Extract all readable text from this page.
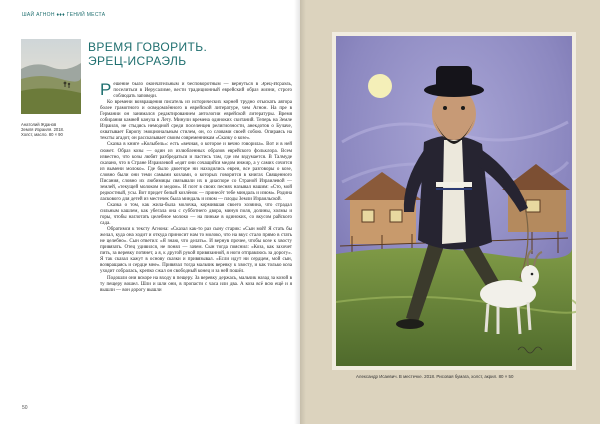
ШАЙ АГНОН ♦♦♦ ГЕНИЙ МЕСТА
Анатолий Жданов
Земля Израиля. 2018.
Холст, масло. 80 × 90
ВРЕМЯ ГОВОРИТЬ.
ЭРЕЦ-ИСРАЭЛЬ

Решение было окончательным и бесповоротным — вернуться в Эрец-Исраэль, поселиться в Иерусалиме, вести традиционный еврейский образ жизни, строго соблюдать заповеди.

Ко времени возвращения писатель из исторических корней трудно отыскать автора более грамотного и осведомлённого в еврейской литературе, чем Агнон. На пре в Германии он занимался редактированием антологии еврейской литературы. Время собирания камней канула в Лету. Минули времена одиноких скитаний. Теперь на Земле Израиля, не стыдясь немодной среди поселенцев религиозности, анекдотов о Бучаче, охватывает Европу эмоциональным стилем, он, со словами своей собою. Опираясь на тексты агадот, он рассказывает своим современникам «Сказку о козе».

Сказка в книге «Колыбель»: есть «вечная, о которое и вечно говорила». Вот и в ней сюжет. Образ козы — один из излюбленных образов еврейского фольклора. Всем известно, что козы любят разбредаться и пастись там, где им вздумается. В Талмуде сказано, что в Стране Израилевой «едят они сочащийся медом инжир, а у самих сочится из вымени молоко». Где было двоеторе ни находились евреи, все разговоры о козе, словно были они теми самыми козлами, о которых говорится в книгах Священного Писания, словно их любимицы связывали их в диаспоре со Страной Израилевой — землей, «текущей молоком и медом». И поэт в своих песнях называл нашим: «Сто, мой редкостный, усы. Вот придет белый козлёнок — принесёт тебе миндаль и изюм». Родина ласкового для детей из местечек была миндаль и изюм — плоды Земли Израильской.

Сказка о том, как жила-была молочка, кормившая своего хозяина, что страдал сильным кашлем, как убегала она с субботнего двора, минуя поля, долины, холмы и горы, чтобы наглотать целебное молоко — на пиньке в одиноких, со вкусом райского сада.

Обратимся к тексту Агнона: «Сказал как-то раз сыну старик: «Сын мой! Я стать бы желал, куда она ходит и откуда приносит нам то молоко, что на вкус стало прямо в стать не целебно». Сын ответил: «Я знаю, что делать». И вернув прочее, чтобы козе к хвосту привязать. Отец удивился, не понял — зачем. Сын тогда пояснил: «Коза, как захочет пить, за веревку потянет, а я, к другой рукой привязанной, я ноги отправлюсь за дорогу». Я так сказал кажут в основу сказки и привязывал. «Если идут ни сердцем, мой сын, возвращаясь и сердце мне». Привязал тогда мальчик веревку к хвосту, и как только коза уходит собралась, крепко сжал он свободный конец и за ней пошёл.

Подошли они вскоре на входу в пещеру. За веревку держась, мальчик назад за козой в ту пещеру вошел. Шли и шли они, в пропасти с часа или два. А коза всё всю ещё и я вышли — вон дорогу вышли

50
Александр Исаевич. В местечке. 2018. Рисовая бумага, холст, акрил. 80 × 50
